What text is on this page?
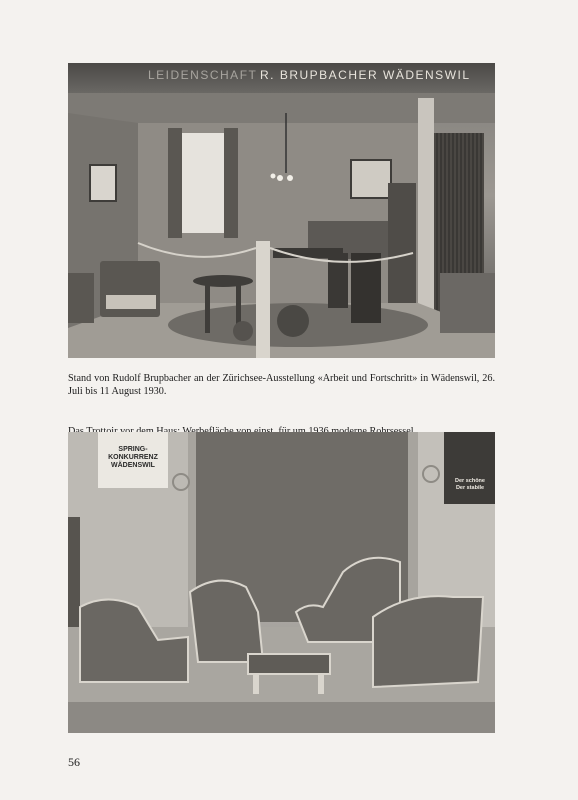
LEIDENSCHAFT R. BRUPBACHER WÄDENSWIL

Stand von Rudolf Brupbacher an der Zürichsee-Ausstellung «Arbeit und Fortschritt» in Wädenswil, 26. Juli bis 11 August 1930.

SPRING-
KONKURRENZ
WÄDENSWIL
Der schöne
Der stabile
56
